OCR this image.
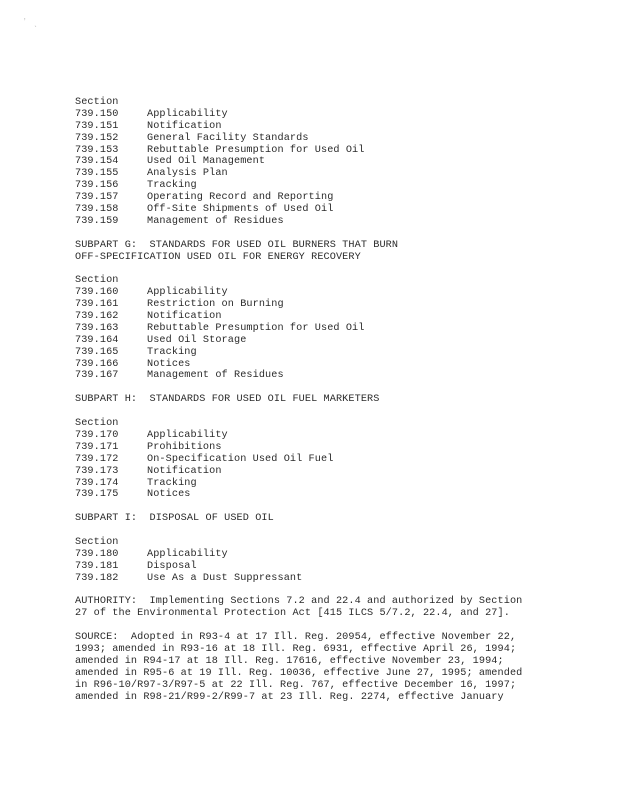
ʼ ˎ
Section
739.150	Applicability
739.151	Notification
739.152	General Facility Standards
739.153	Rebuttable Presumption for Used Oil
739.154	Used Oil Management
739.155	Analysis Plan
739.156	Tracking
739.157	Operating Record and Reporting
739.158	Off-Site Shipments of Used Oil
739.159	Management of Residues
SUBPART G:  STANDARDS FOR USED OIL BURNERS THAT BURN
OFF-SPECIFICATION USED OIL FOR ENERGY RECOVERY
Section
739.160	Applicability
739.161	Restriction on Burning
739.162	Notification
739.163	Rebuttable Presumption for Used Oil
739.164	Used Oil Storage
739.165	Tracking
739.166	Notices
739.167	Management of Residues
SUBPART H:  STANDARDS FOR USED OIL FUEL MARKETERS
Section
739.170	Applicability
739.171	Prohibitions
739.172	On-Specification Used Oil Fuel
739.173	Notification
739.174	Tracking
739.175	Notices
SUBPART I:  DISPOSAL OF USED OIL
Section
739.180	Applicability
739.181	Disposal
739.182	Use As a Dust Suppressant
AUTHORITY:  Implementing Sections 7.2 and 22.4 and authorized by Section
27 of the Environmental Protection Act [415 ILCS 5/7.2, 22.4, and 27].
SOURCE:  Adopted in R93-4 at 17 Ill. Reg. 20954, effective November 22,
1993; amended in R93-16 at 18 Ill. Reg. 6931, effective April 26, 1994;
amended in R94-17 at 18 Ill. Reg. 17616, effective November 23, 1994;
amended in R95-6 at 19 Ill. Reg. 10036, effective June 27, 1995; amended
in R96-10/R97-3/R97-5 at 22 Ill. Reg. 767, effective December 16, 1997;
amended in R98-21/R99-2/R99-7 at 23 Ill. Reg. 2274, effective January
